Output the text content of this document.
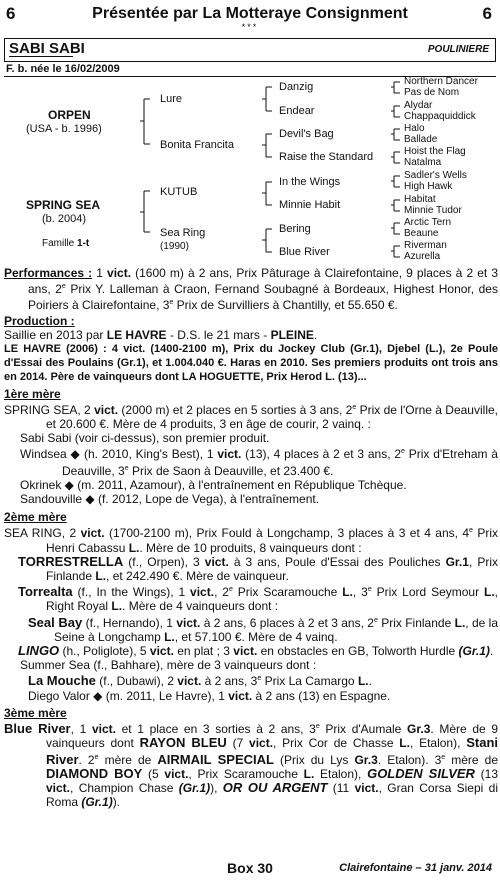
6	Présentée par La Motteraye Consignment	6
***
SABI SABI	POULINIERE
F. b. née le 16/02/2009
ORPEN
(USA - b. 1996)
SPRING SEA
(b. 2004)
Famille 1-t
Lure
Bonita Francita
KUTUB
Sea Ring
(1990)
Danzig
Endear
Devil's Bag
Raise the Standard
In the Wings
Minnie Habit
Bering
Blue River
Northern Dancer
Pas de Nom
Alydar
Chappaquiddick
Halo
Ballade
Hoist the Flag
Natalma
Sadler's Wells
High Hawk
Habitat
Minnie Tudor
Arctic Tern
Beaune
Riverman
Azurella

Performances : 1 vict. (1600 m) à 2 ans, Prix Pâturage à Clairefontaine, 9 places à 2 et 3 ans, 2e Prix Y. Lalleman à Craon, Fernand Soubagné à Bordeaux, Highest Honor, des Poiriers à Clairefontaine, 3e Prix de Survilliers à Chantilly, et 55.650 €.

Production :

Saillie en 2013 par LE HAVRE - D.S. le 21 mars - PLEINE.

LE HAVRE (2006) : 4 vict. (1400-2100 m), Prix du Jockey Club (Gr.1), Djebel (L.), 2e Poule d'Essai des Poulains (Gr.1), et 1.004.040 €. Haras en 2010. Ses premiers produits ont trois ans en 2014. Père de vainqueurs dont LA HOGUETTE, Prix Herod L. (13)...

1ère mère

SPRING SEA, 2 vict. (2000 m) et 2 places en 5 sorties à 3 ans, 2e Prix de l'Orne à Deauville, et 20.600 €. Mère de 4 produits, 3 en âge de courir, 2 vainq. :

Sabi Sabi (voir ci-dessus), son premier produit.

Windsea ◆ (h. 2010, King's Best), 1 vict. (13), 4 places à 2 et 3 ans, 2e Prix d'Etreham à Deauville, 3e Prix de Saon à Deauville, et 23.400 €.

Okrinek ◆ (m. 2011, Azamour), à l'entraînement en République Tchèque.

Sandouville ◆ (f. 2012, Lope de Vega), à l'entraînement.

2ème mère

SEA RING, 2 vict. (1700-2100 m), Prix Fould à Longchamp, 3 places à 3 et 4 ans, 4e Prix Henri Cabassu L.. Mère de 10 produits, 8 vainqueurs dont :

TORRESTRELLA (f., Orpen), 3 vict. à 3 ans, Poule d'Essai des Pouliches Gr.1, Prix Finlande L., et 242.490 €. Mère de vainqueur.

Torrealta (f., In the Wings), 1 vict., 2e Prix Scaramouche L., 3e Prix Lord Seymour L., Right Royal L.. Mère de 4 vainqueurs dont :

Seal Bay (f., Hernando), 1 vict. à 2 ans, 6 places à 2 et 3 ans, 2e Prix Finlande L., de la Seine à Longchamp L., et 57.100 €. Mère de 4 vainq.

LINGO (h., Poliglote), 5 vict. en plat ; 3 vict. en obstacles en GB, Tolworth Hurdle (Gr.1).

Summer Sea (f., Bahhare), mère de 3 vainqueurs dont :

La Mouche (f., Dubawi), 2 vict. à 2 ans, 3e Prix La Camargo L..

Diego Valor ◆ (m. 2011, Le Havre), 1 vict. à 2 ans (13) en Espagne.

3ème mère

Blue River, 1 vict. et 1 place en 3 sorties à 2 ans, 3e Prix d'Aumale Gr.3. Mère de 9 vainqueurs dont RAYON BLEU (7 vict., Prix Cor de Chasse L., Etalon), Stani River. 2e mère de AIRMAIL SPECIAL (Prix du Lys Gr.3. Etalon). 3e mère de DIAMOND BOY (5 vict., Prix Scaramouche L. Etalon), GOLDEN SILVER (13 vict., Champion Chase (Gr.1)), OR OU ARGENT (11 vict., Gran Corsa Siepi di Roma (Gr.1)).

Box 30	Clairefontaine – 31 janv. 2014
